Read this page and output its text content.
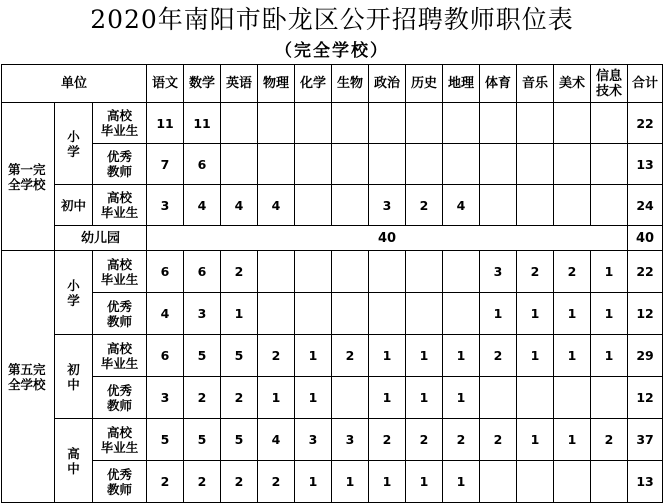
2020年南阳市卧龙区公开招聘教师职位表
（完全学校）
单位			语文	数学	英语	物理	化学	生物	政治	历史	地理	体育	音乐	美术	信息
技术	合计
第一完
全学校	小学	高校
毕业生	11	11												22
		优秀
教师	7	6												13
	初中	高校
毕业生	3	4	4	4			3	2	4					24
	幼儿园		40													40
第五完
全学校	小学	高校
毕业生	6	6	2							3	2	2	1	22
		优秀
教师	4	3	1							1	1	1	1	12
	初中	高校
毕业生	6	5	5	2	1	2	1	1	1	2	1	1	1	29
		优秀
教师	3	2	2	1	1		1	1	1					12
	高中	高校
毕业生	5	5	5	4	3	3	2	2	2	2	1	1	2	37
		优秀
教师	2	2	2	2	1	1	1	1	1					13
